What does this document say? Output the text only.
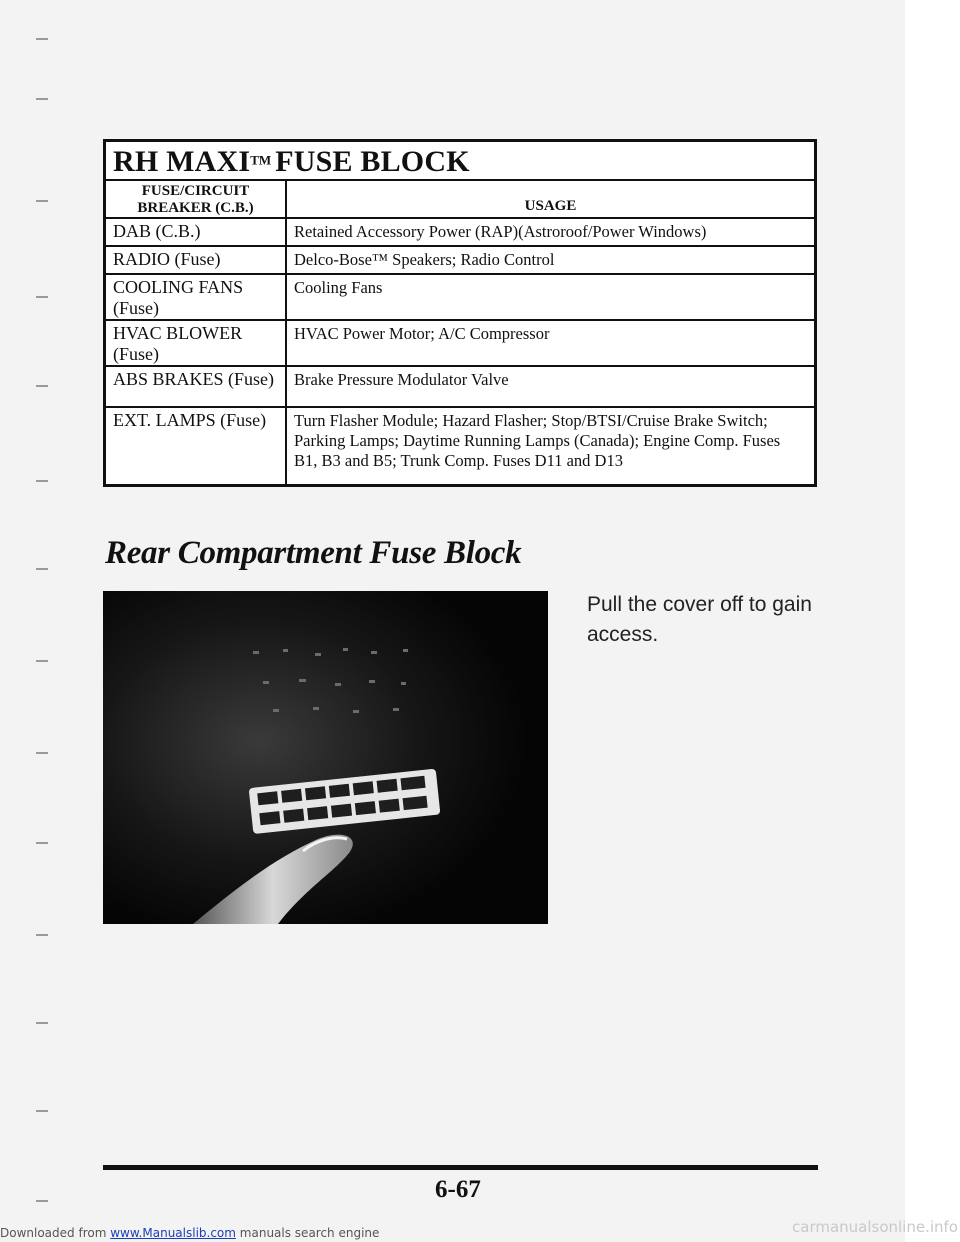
RH MAXI™ FUSE BLOCK	

FUSE/CIRCUIT
BREAKER (C.B.)	USAGE
DAB (C.B.)	Retained Accessory Power (RAP)(Astroroof/Power Windows)
RADIO (Fuse)	Delco-Bose™ Speakers; Radio Control
COOLING FANS (Fuse)	Cooling Fans
HVAC BLOWER (Fuse)	HVAC Power Motor; A/C Compressor
ABS BRAKES (Fuse)	Brake Pressure Modulator Valve
EXT. LAMPS (Fuse)	Turn Flasher Module; Hazard Flasher; Stop/BTSI/Cruise Brake Switch; Parking Lamps; Daytime Running Lamps (Canada); Engine Comp. Fuses B1, B3 and B5; Trunk Comp. Fuses D11 and D13
Rear Compartment Fuse Block

Pull the cover off to gain access.

6-67

Downloaded from www.Manualslib.com manuals search engine	carmanualsonline.info
